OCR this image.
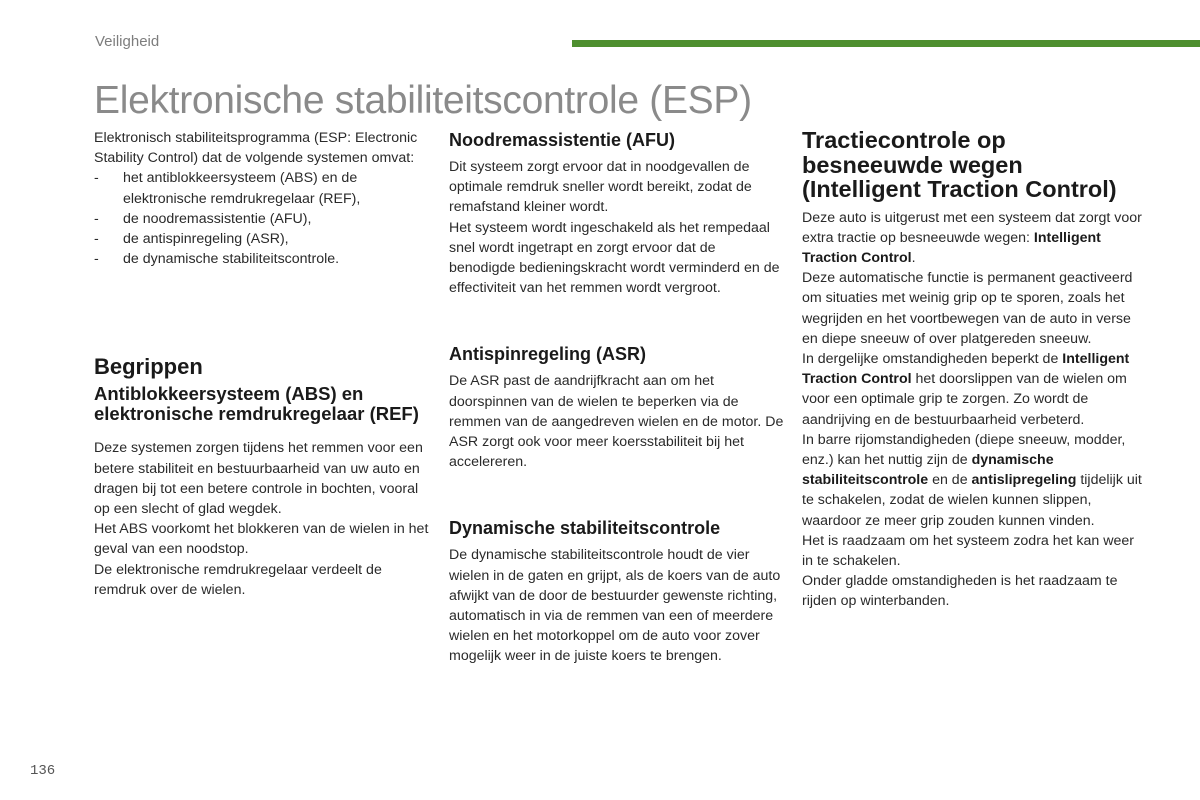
Veiligheid
Elektronische stabiliteitscontrole (ESP)

Elektronisch stabiliteitsprogramma (ESP: Electronic Stability Control) dat de volgende systemen omvat:

- het antiblokkeersysteem (ABS) en de elektronische remdrukregelaar (REF),
- de noodremassistentie (AFU),
- de antispinregeling (ASR),
- de dynamische stabiliteitscontrole.
Begrippen
Antiblokkeersysteem (ABS) en elektronische remdrukregelaar (REF)

Deze systemen zorgen tijdens het remmen voor een betere stabiliteit en bestuurbaarheid van uw auto en dragen bij tot een betere controle in bochten, vooral op een slecht of glad wegdek.

Het ABS voorkomt het blokkeren van de wielen in het geval van een noodstop.

De elektronische remdrukregelaar verdeelt de remdruk over de wielen.

Noodremassistentie (AFU)

Dit systeem zorgt ervoor dat in noodgevallen de optimale remdruk sneller wordt bereikt, zodat de remafstand kleiner wordt.

Het systeem wordt ingeschakeld als het rempedaal snel wordt ingetrapt en zorgt ervoor dat de benodigde bedieningskracht wordt verminderd en de effectiviteit van het remmen wordt vergroot.

Antispinregeling (ASR)

De ASR past de aandrijfkracht aan om het doorspinnen van de wielen te beperken via de remmen van de aangedreven wielen en de motor. De ASR zorgt ook voor meer koersstabiliteit bij het accelereren.

Dynamische stabiliteitscontrole

De dynamische stabiliteitscontrole houdt de vier wielen in de gaten en grijpt, als de koers van de auto afwijkt van de door de bestuurder gewenste richting, automatisch in via de remmen van een of meerdere wielen en het motorkoppel om de auto voor zover mogelijk weer in de juiste koers te brengen.

Tractiecontrole op besneeuwde wegen (Intelligent Traction Control)

Deze auto is uitgerust met een systeem dat zorgt voor extra tractie op besneeuwde wegen: Intelligent Traction Control.

Deze automatische functie is permanent geactiveerd om situaties met weinig grip op te sporen, zoals het wegrijden en het voortbewegen van de auto in verse en diepe sneeuw of over platgereden sneeuw.

In dergelijke omstandigheden beperkt de Intelligent Traction Control het doorslippen van de wielen om voor een optimale grip te zorgen. Zo wordt de aandrijving en de bestuurbaarheid verbeterd.

In barre rijomstandigheden (diepe sneeuw, modder, enz.) kan het nuttig zijn de dynamische stabiliteitscontrole en de antislipregeling tijdelijk uit te schakelen, zodat de wielen kunnen slippen, waardoor ze meer grip zouden kunnen vinden.

Het is raadzaam om het systeem zodra het kan weer in te schakelen.

Onder gladde omstandigheden is het raadzaam te rijden op winterbanden.

136
